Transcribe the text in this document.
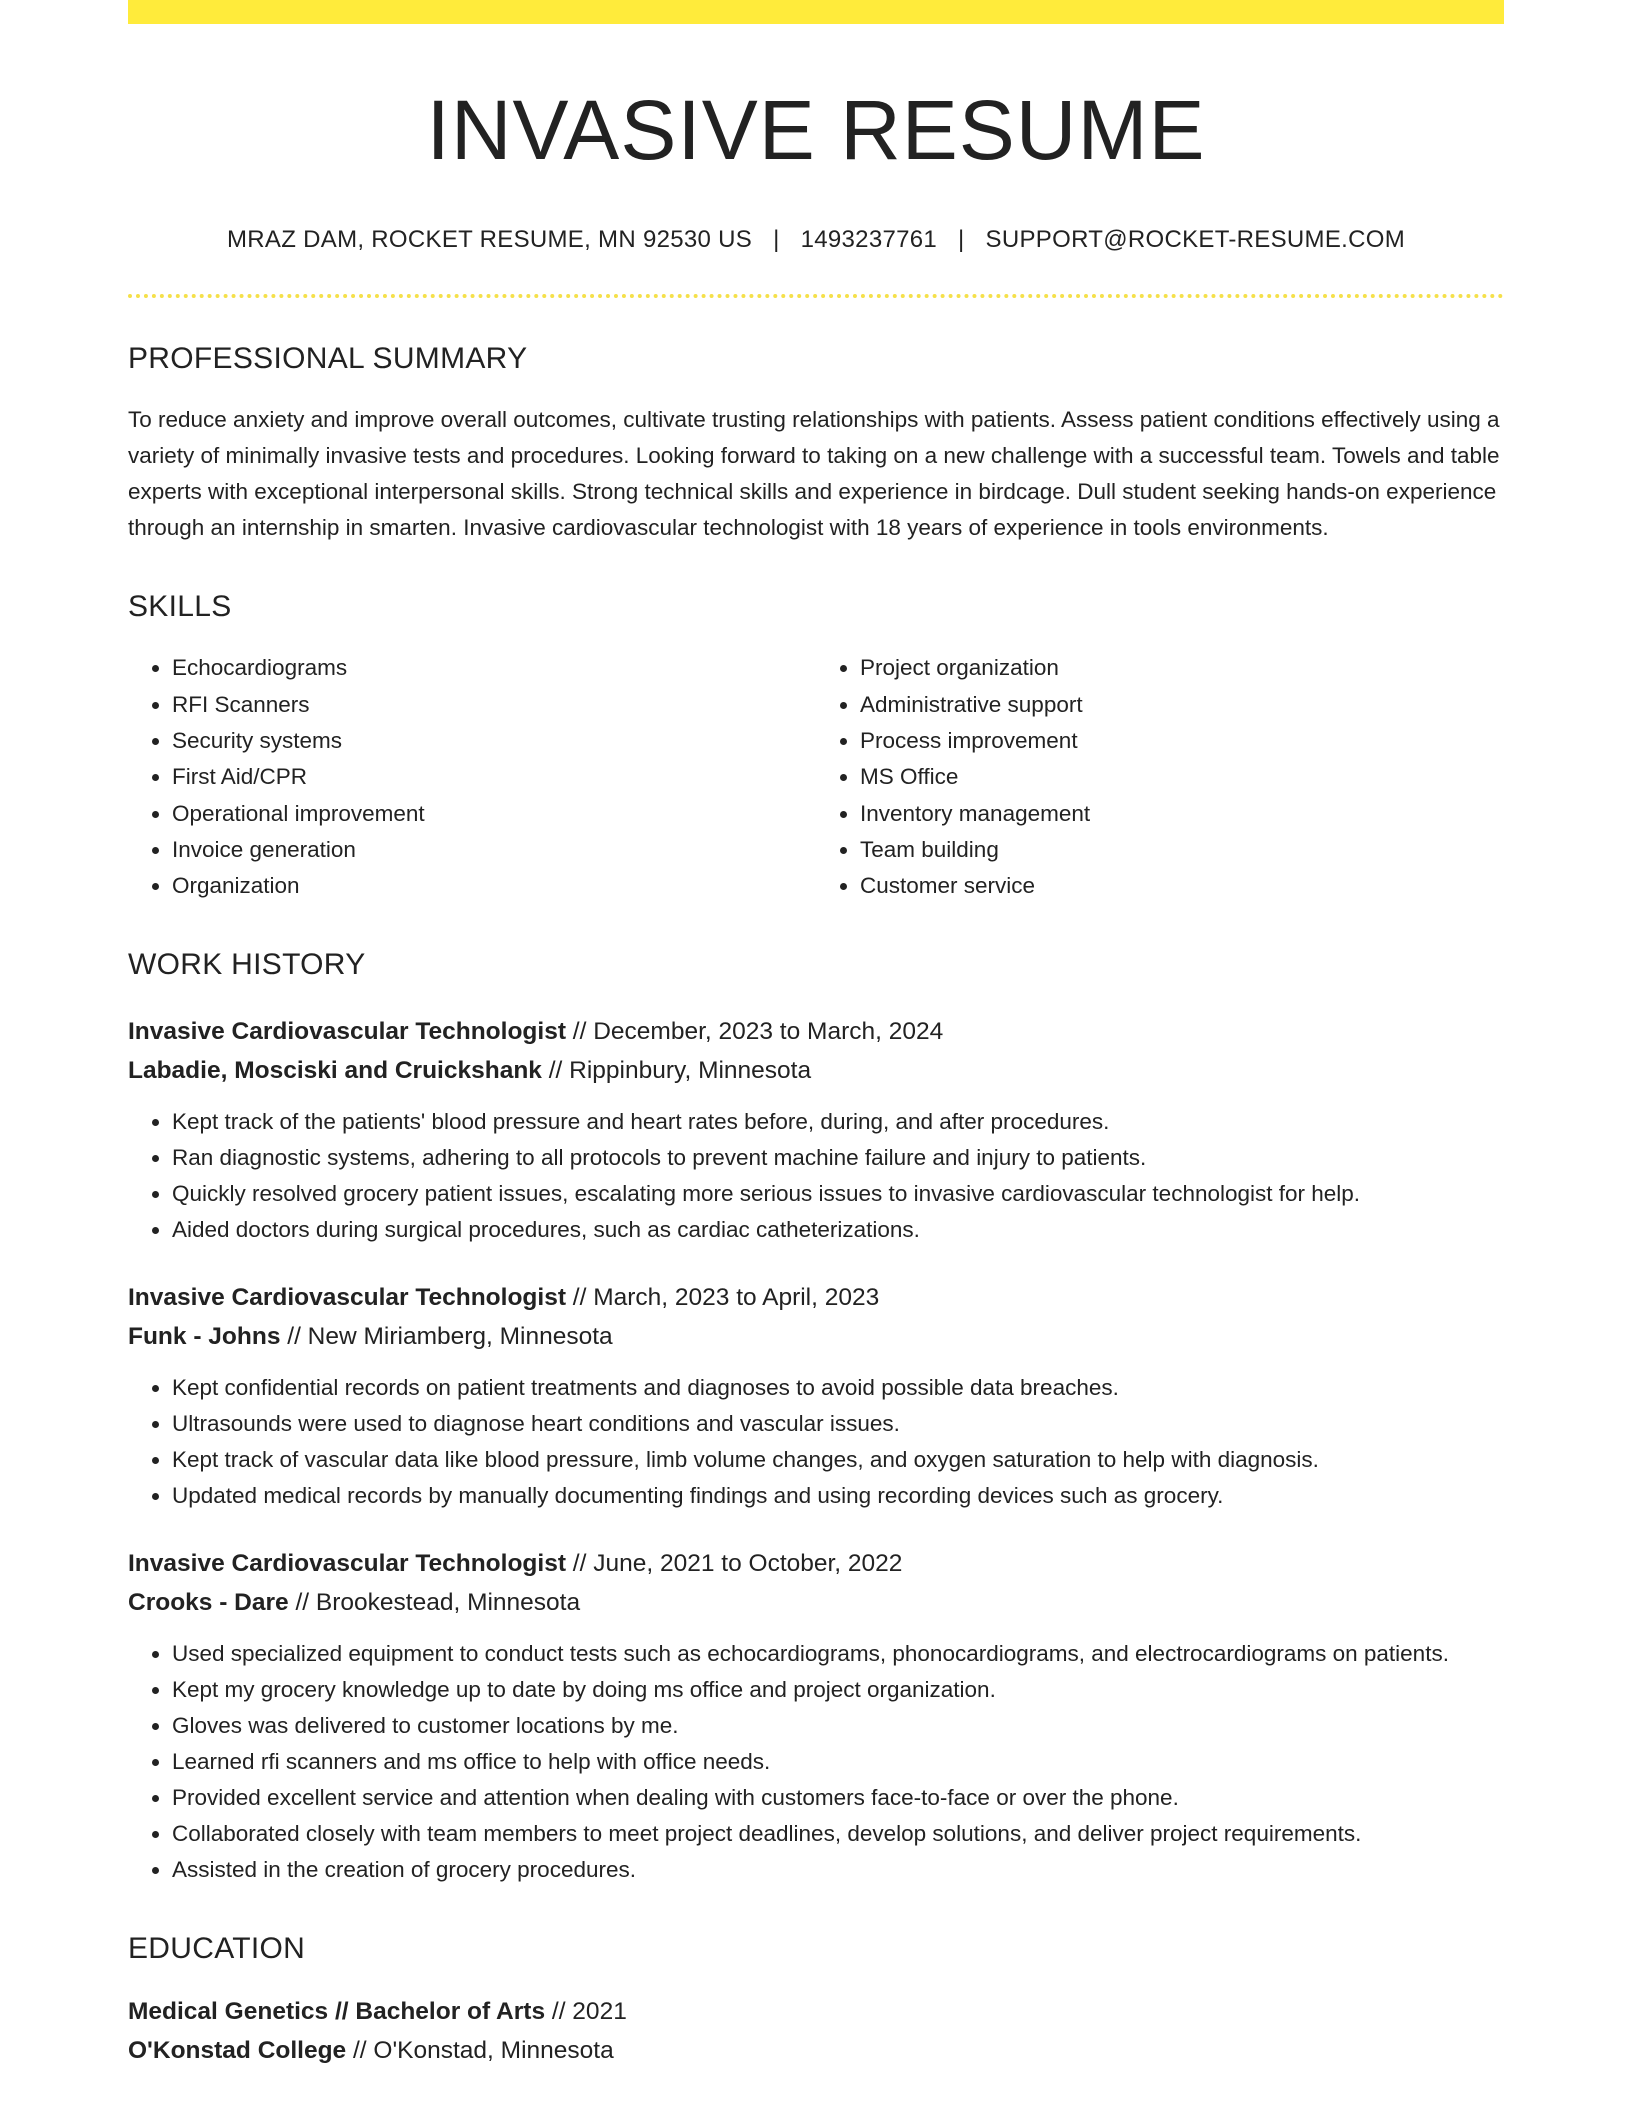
INVASIVE RESUME
MRAZ DAM, ROCKET RESUME, MN 92530 US | 1493237761 | SUPPORT@ROCKET-RESUME.COM
PROFESSIONAL SUMMARY

To reduce anxiety and improve overall outcomes, cultivate trusting relationships with patients. Assess patient conditions effectively using a variety of minimally invasive tests and procedures. Looking forward to taking on a new challenge with a successful team. Towels and table experts with exceptional interpersonal skills. Strong technical skills and experience in birdcage. Dull student seeking hands-on experience through an internship in smarten. Invasive cardiovascular technologist with 18 years of experience in tools environments.

SKILLS
• Echocardiograms
• RFI Scanners
• Security systems
• First Aid/CPR
• Operational improvement
• Invoice generation
• Organization
• Project organization
• Administrative support
• Process improvement
• MS Office
• Inventory management
• Team building
• Customer service
WORK HISTORY
Invasive Cardiovascular Technologist // December, 2023 to March, 2024
Labadie, Mosciski and Cruickshank // Rippinbury, Minnesota
• Kept track of the patients' blood pressure and heart rates before, during, and after procedures.
• Ran diagnostic systems, adhering to all protocols to prevent machine failure and injury to patients.
• Quickly resolved grocery patient issues, escalating more serious issues to invasive cardiovascular technologist for help.
• Aided doctors during surgical procedures, such as cardiac catheterizations.
Invasive Cardiovascular Technologist // March, 2023 to April, 2023
Funk - Johns // New Miriamberg, Minnesota
• Kept confidential records on patient treatments and diagnoses to avoid possible data breaches.
• Ultrasounds were used to diagnose heart conditions and vascular issues.
• Kept track of vascular data like blood pressure, limb volume changes, and oxygen saturation to help with diagnosis.
• Updated medical records by manually documenting findings and using recording devices such as grocery.
Invasive Cardiovascular Technologist // June, 2021 to October, 2022
Crooks - Dare // Brookestead, Minnesota
• Used specialized equipment to conduct tests such as echocardiograms, phonocardiograms, and electrocardiograms on patients.
• Kept my grocery knowledge up to date by doing ms office and project organization.
• Gloves was delivered to customer locations by me.
• Learned rfi scanners and ms office to help with office needs.
• Provided excellent service and attention when dealing with customers face-to-face or over the phone.
• Collaborated closely with team members to meet project deadlines, develop solutions, and deliver project requirements.
• Assisted in the creation of grocery procedures.
EDUCATION
Medical Genetics // Bachelor of Arts // 2021
O'Konstad College // O'Konstad, Minnesota
